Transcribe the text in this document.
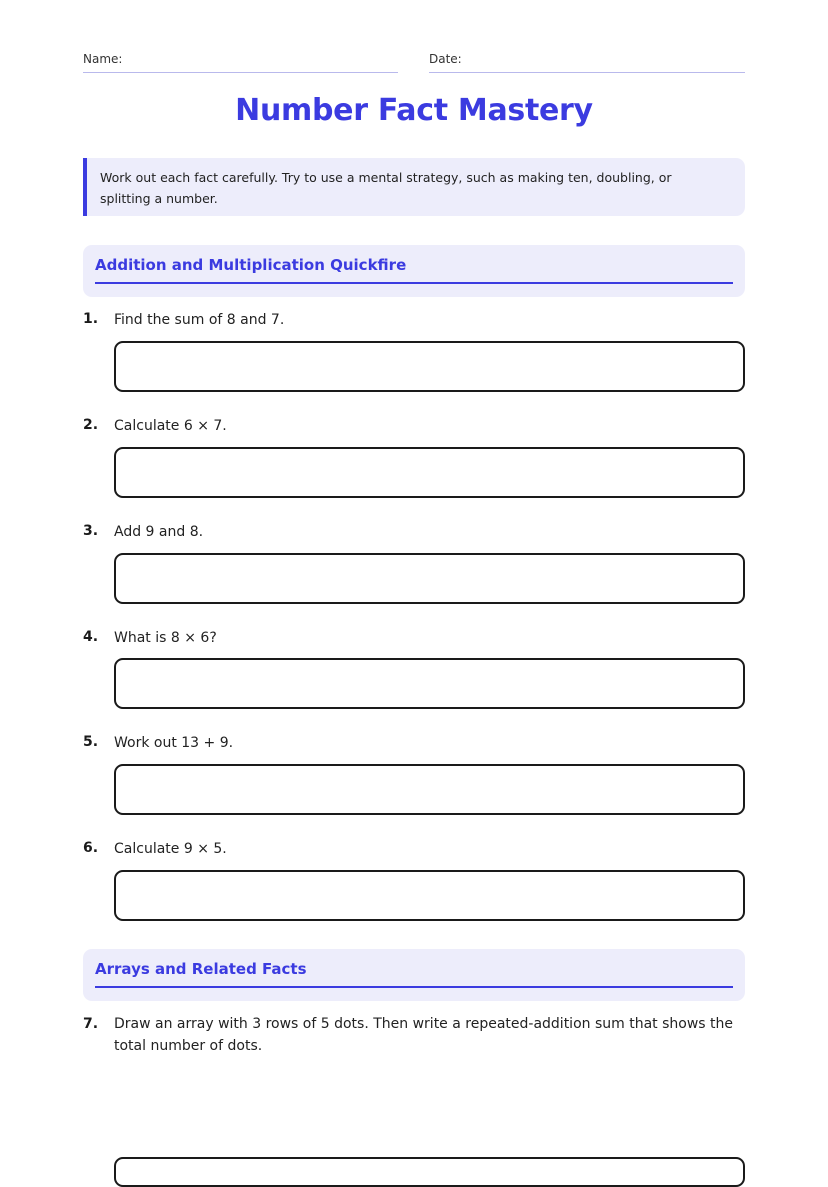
Name:	Date:
Number Fact Mastery
Work out each fact carefully. Try to use a mental strategy, such as making ten, doubling, or splitting a number.
Addition and Multiplication Quickfire
1. Find the sum of 8 and 7.
2. Calculate 6 × 7.
3. Add 9 and 8.
4. What is 8 × 6?
5. Work out 13 + 9.
6. Calculate 9 × 5.
Arrays and Related Facts
7. Draw an array with 3 rows of 5 dots. Then write a repeated-addition sum that shows the total number of dots.
